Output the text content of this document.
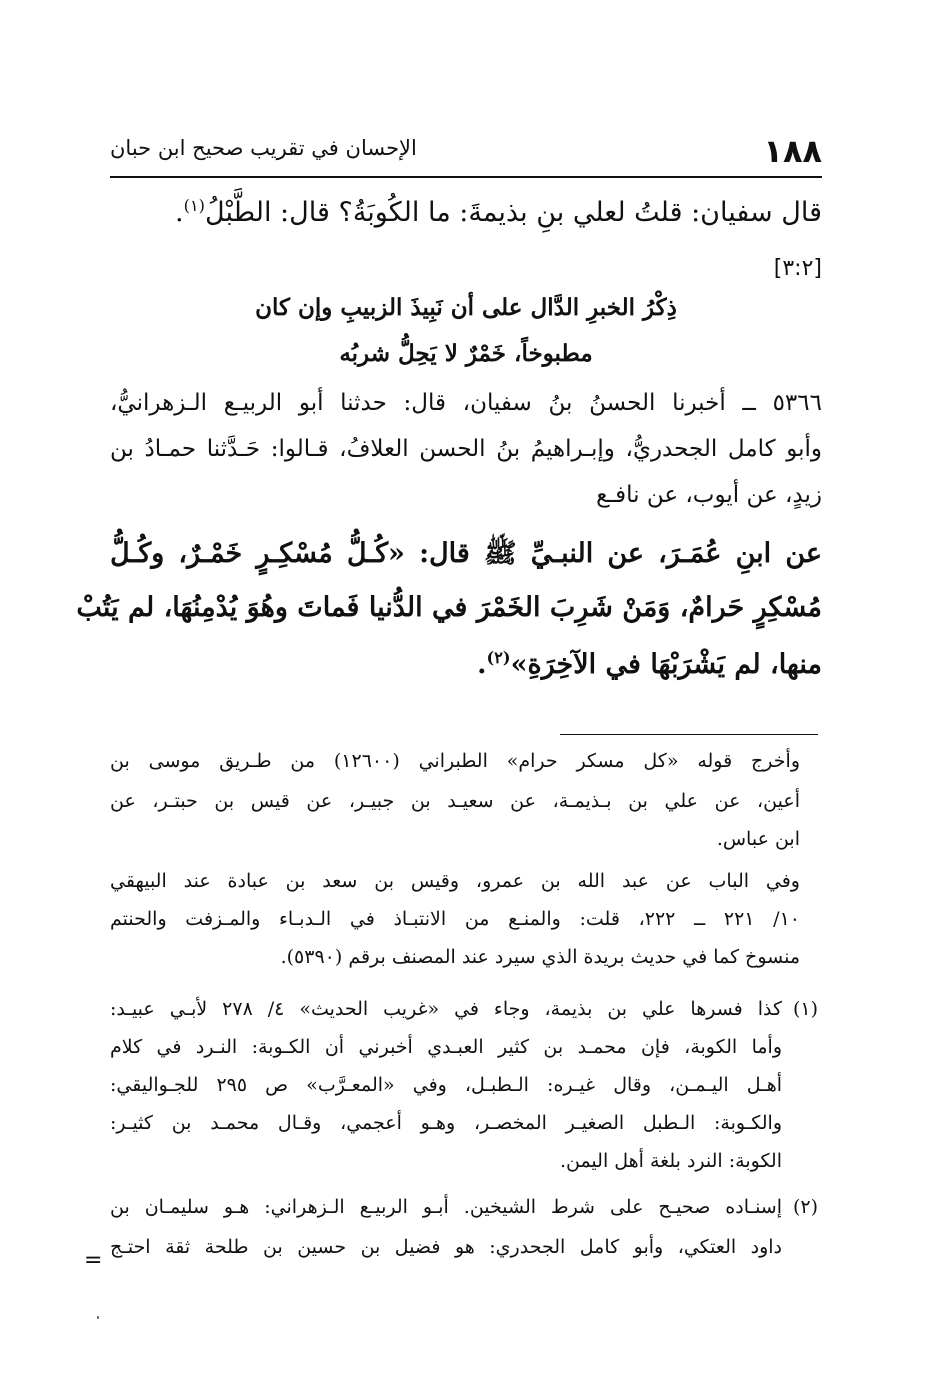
١٨٨
الإحسان في تقريب صحيح ابن حبان
قال سفيان: قلتُ لعلي بنِ بذيمةَ: ما الكُوبَةُ؟ قال: الطَّبْلُ$^{(١)}$.
[٣:٢]
ذِكْرُ الخبرِ الدَّال على أن نَبِيذَ الزبيبِ وإن كان
مطبوخاً، خَمْرٌ لا يَحِلُّ شربُه
٥٣٦٦ ــ أخبرنا الحسنُ بنُ سفيان، قال: حدثنا أبو الربيـع الـزهرانيُّ،
وأبو كامل الجحدريُّ، وإبـراهيمُ بنُ الحسن العلافُ، قـالوا: حَـدَّثنا حمـادُ بن
زيدٍ، عن أيوب، عن نافـع
عن ابنِ عُمَـرَ، عن النبـيِّ ﷺ قال: «كُـلُّ مُسْكِـرٍ خَمْـرٌ، وكُـلُّ
مُسْكِرٍ حَرامٌ، وَمَنْ شَرِبَ الخَمْرَ في الدُّنيا فَماتَ وهُوَ يُدْمِنُهَا، لم يَتُبْ
منها، لم يَشْرَبْهَا في الآخِرَةِ»$^{(٢)}$.
وأخرج قوله «كل مسكر حرام» الطبراني (١٢٦٠٠) من طـريق موسى بن
أعين، عن علي بن بـذيمـة، عن سعيـد بن جبيـر، عن قيس بن حبتـر، عن
ابن عباس.
وفي الباب عن عبد الله بن عمرو، وقيس بن سعد بن عبادة عند البيهقي
١٠/ ٢٢١ ــ ٢٢٢، قلت: والمنـع من الانتبـاذ في الـدبـاء والمـزفت والحنتم
منسوخ كما في حديث بريدة الذي سيرد عند المصنف برقم (٥٣٩٠).
(١)
كذا فسرها علي بن بذيمة، وجاء في «غريب الحديث» ٤/ ٢٧٨ لأبـي عبيـد:
وأما الكوبة، فإن محمـد بن كثير العبـدي أخبرني أن الكـوبة: النـرد في كلام
أهـل اليـمـن، وقال غيـره: الـطبـل، وفي «المعـرَّب» ص ٢٩٥ للجـواليقي:
والكـوبة: الـطبل الصغيـر المخصـر، وهـو أعجمي، وقـال محمـد بن كثيـر:
الكوبة: النرد بلغة أهل اليمن.
(٢)
إسنـاده صحيـح على شرط الشيخين. أبـو الربيـع الـزهراني: هـو سليمـان بن
داود العتكي، وأبو كامل الجحدري: هو فضيل بن حسين بن طلحة ثقة احتـج
=
